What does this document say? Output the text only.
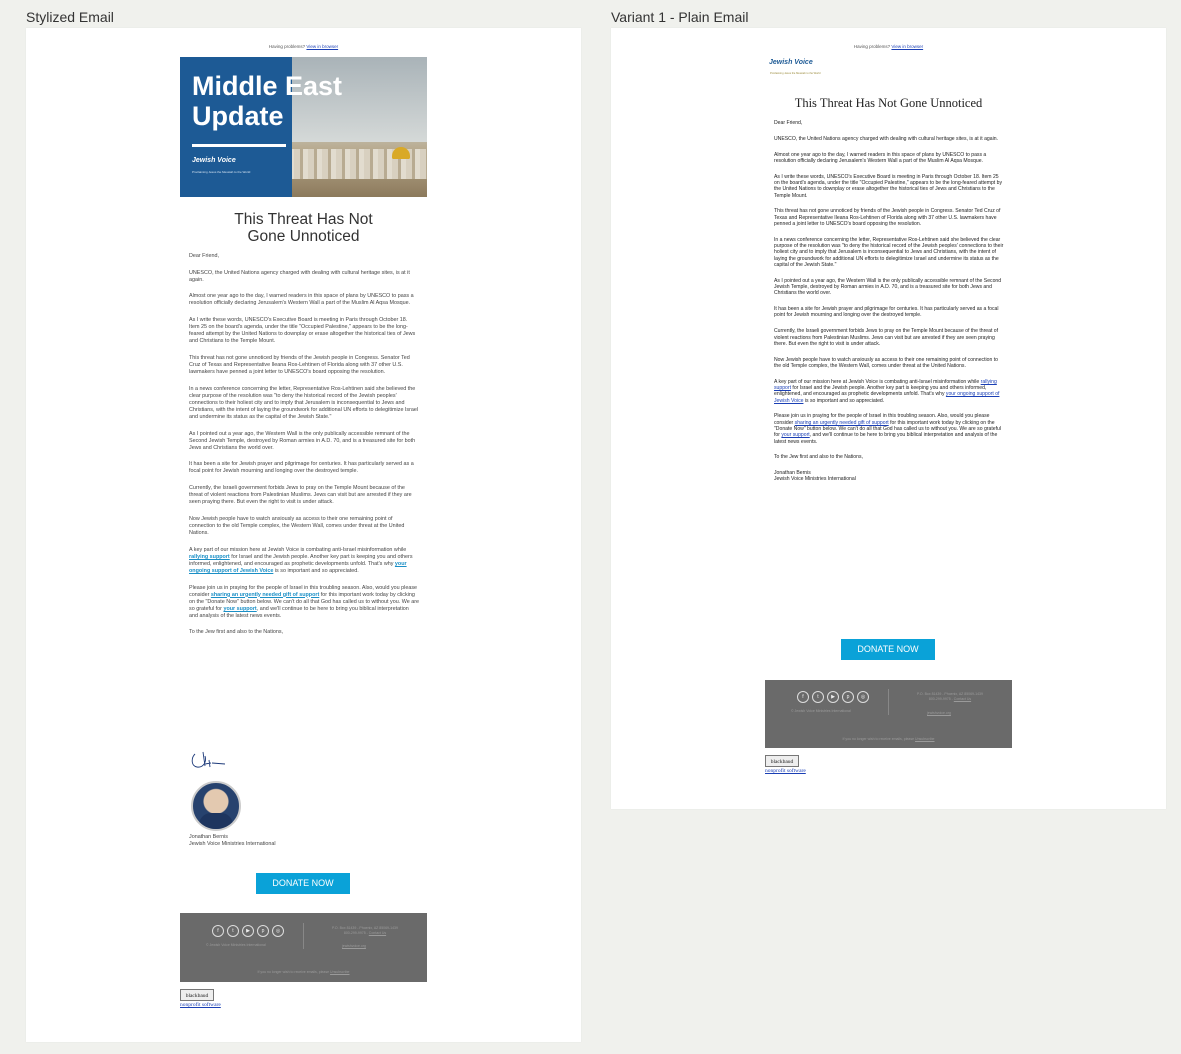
Stylized Email	Variant 1 - Plain Email
Having problems? View in browser
Middle East Update
Jewish Voice
Proclaiming Jesus the Messiah to the World
This Threat Has Not
Gone Unnoticed

Dear Friend,

UNESCO, the United Nations agency charged with dealing with cultural heritage sites, is at it again.

Almost one year ago to the day, I warned readers in this space of plans by UNESCO to pass a resolution officially declaring Jerusalem's Western Wall a part of the Muslim Al Aqsa Mosque.

As I write these words, UNESCO's Executive Board is meeting in Paris through October 18. Item 25 on the board's agenda, under the title "Occupied Palestine," appears to be the long-feared attempt by the United Nations to downplay or erase altogether the historical ties of Jews and Christians to the Temple Mount.

This threat has not gone unnoticed by friends of the Jewish people in Congress. Senator Ted Cruz of Texas and Representative Ileana Ros-Lehtinen of Florida along with 37 other U.S. lawmakers have penned a joint letter to UNESCO's board opposing the resolution.

In a news conference concerning the letter, Representative Ros-Lehtinen said she believed the clear purpose of the resolution was "to deny the historical record of the Jewish peoples' connections to their holiest city and to imply that Jerusalem is inconsequential to Jews and Christians, with the intent of laying the groundwork for additional UN efforts to delegitimize Israel and undermine its status as the capital of the Jewish State."

As I pointed out a year ago, the Western Wall is the only publically accessible remnant of the Second Jewish Temple, destroyed by Roman armies in A.D. 70, and is a treasured site for both Jews and Christians the world over.

It has been a site for Jewish prayer and pilgrimage for centuries. It has particularly served as a focal point for Jewish mourning and longing over the destroyed temple.

Currently, the Israeli government forbids Jews to pray on the Temple Mount because of the threat of violent reactions from Palestinian Muslims. Jews can visit but are arrested if they are seen praying there. But even the right to visit is under attack.

Now Jewish people have to watch anxiously as access to their one remaining point of connection to the old Temple complex, the Western Wall, comes under threat at the United Nations.

A key part of our mission here at Jewish Voice is combating anti-Israel misinformation while rallying support for Israel and the Jewish people. Another key part is keeping you and others informed, enlightened, and encouraged as prophetic developments unfold. That's why your ongoing support of Jewish Voice is so important and so appreciated.

Please join us in praying for the people of Israel in this troubling season. Also, would you please consider sharing an urgently needed gift of support for this important work today by clicking on the "Donate Now" button below. We can't do all that God has called us to without you. We are so grateful for your support, and we'll continue to be here to bring you biblical interpretation and analysis of the latest news events.

To the Jew first and also to the Nations,

Jonathan Bernis
Jewish Voice Ministries International
DONATE NOW
f	t	▶	p	◎
© Jewish Voice Ministries International
P.O. Box 81439 - Phoenix, AZ 85069-1439
800-299-9975 - Contact Us
jewishvoice.org
If you no longer wish to receive emails, please Unsubscribe
blackbaud
nonprofit software
Having problems? View in browser
Jewish Voice
Proclaiming Jesus the Messiah to the World
This Threat Has Not Gone Unnoticed

Dear Friend,

UNESCO, the United Nations agency charged with dealing with cultural heritage sites, is at it again.

Almost one year ago to the day, I warned readers in this space of plans by UNESCO to pass a resolution officially declaring Jerusalem's Western Wall a part of the Muslim Al Aqsa Mosque.

As I write these words, UNESCO's Executive Board is meeting in Paris through October 18. Item 25 on the board's agenda, under the title "Occupied Palestine," appears to be the long-feared attempt by the United Nations to downplay or erase altogether the historical ties of Jews and Christians to the Temple Mount.

This threat has not gone unnoticed by friends of the Jewish people in Congress. Senator Ted Cruz of Texas and Representative Ileana Ros-Lehtinen of Florida along with 37 other U.S. lawmakers have penned a joint letter to UNESCO's board opposing the resolution.

In a news conference concerning the letter, Representative Ros-Lehtinen said she believed the clear purpose of the resolution was "to deny the historical record of the Jewish peoples' connections to their holiest city and to imply that Jerusalem is inconsequential to Jews and Christians, with the intent of laying the groundwork for additional UN efforts to delegitimize Israel and undermine its status as the capital of the Jewish State."

As I pointed out a year ago, the Western Wall is the only publically accessible remnant of the Second Jewish Temple, destroyed by Roman armies in A.D. 70, and is a treasured site for both Jews and Christians the world over.

It has been a site for Jewish prayer and pilgrimage for centuries. It has particularly served as a focal point for Jewish mourning and longing over the destroyed temple.

Currently, the Israeli government forbids Jews to pray on the Temple Mount because of the threat of violent reactions from Palestinian Muslims. Jews can visit but are arrested if they are seen praying there. But even the right to visit is under attack.

Now Jewish people have to watch anxiously as access to their one remaining point of connection to the old Temple complex, the Western Wall, comes under threat at the United Nations.

A key part of our mission here at Jewish Voice is combating anti-Israel misinformation while rallying support for Israel and the Jewish people. Another key part is keeping you and others informed, enlightened, and encouraged as prophetic developments unfold. That's why your ongoing support of Jewish Voice is so important and so appreciated.

Please join us in praying for the people of Israel in this troubling season. Also, would you please consider sharing an urgently needed gift of support for this important work today by clicking on the "Donate Now" button below. We can't do all that God has called us to without you. We are so grateful for your support, and we'll continue to be here to bring you biblical interpretation and analysis of the latest news events.

To the Jew first and also to the Nations,

Jonathan Bernis
Jewish Voice Ministries International
DONATE NOW
f	t	▶	p	◎
© Jewish Voice Ministries International
P.O. Box 81439 - Phoenix, AZ 85069-1439
800-299-9975 - Contact Us
jewishvoice.org
If you no longer wish to receive emails, please Unsubscribe
blackbaud
nonprofit software
